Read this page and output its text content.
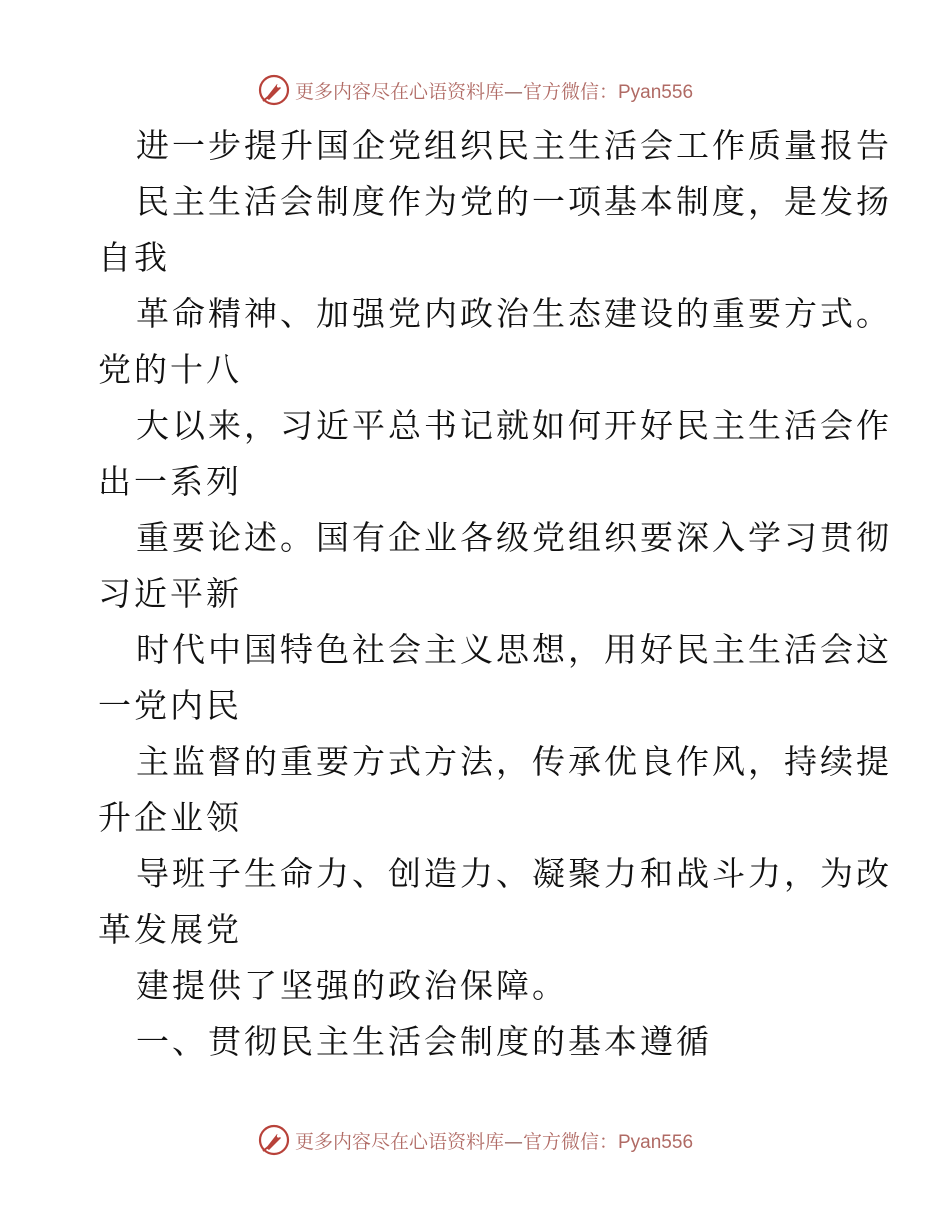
更多内容尽在心语资料库—官方微信：Pyan556
进一步提升国企党组织民主生活会工作质量报告
民主生活会制度作为党的一项基本制度，是发扬
自我
革命精神、加强党内政治生态建设的重要方式。
党的十八
大以来，习近平总书记就如何开好民主生活会作
出一系列
重要论述。国有企业各级党组织要深入学习贯彻
习近平新
时代中国特色社会主义思想，用好民主生活会这
一党内民
主监督的重要方式方法，传承优良作风，持续提
升企业领
导班子生命力、创造力、凝聚力和战斗力，为改
革发展党
建提供了坚强的政治保障。
一、贯彻民主生活会制度的基本遵循
更多内容尽在心语资料库—官方微信：Pyan556
